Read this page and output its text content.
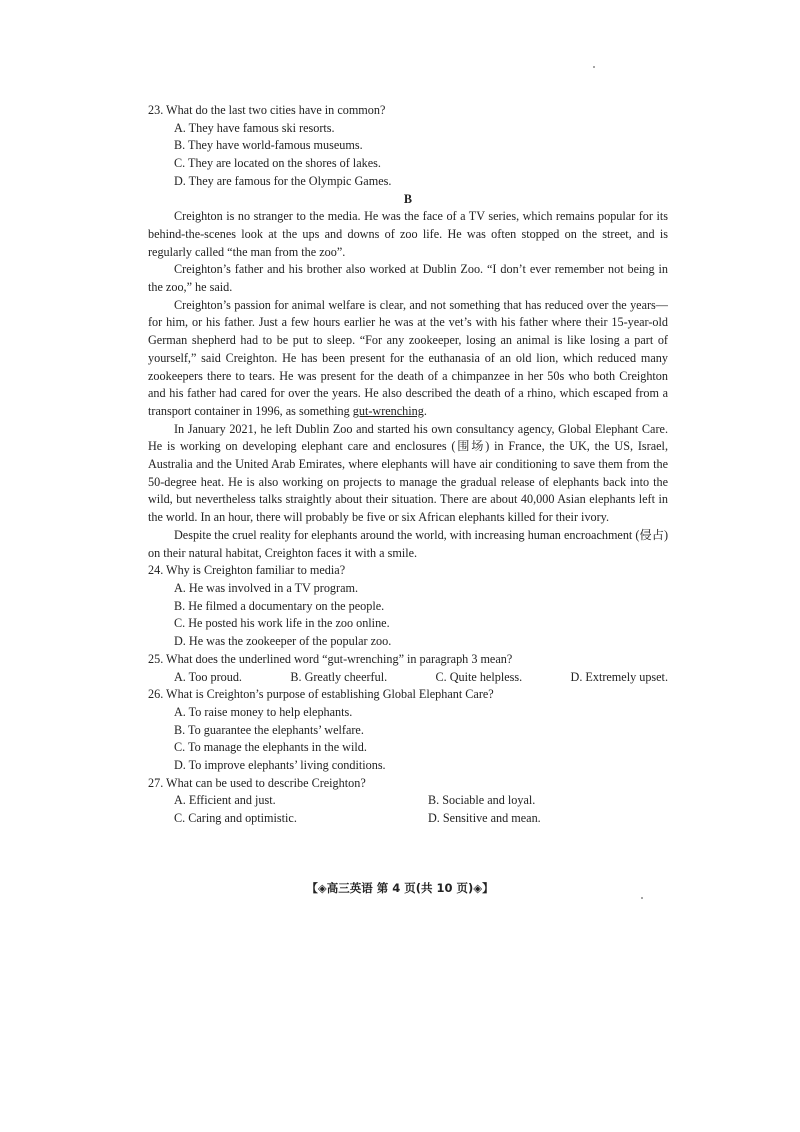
23. What do the last two cities have in common?

A. They have famous ski resorts.

B. They have world-famous museums.

C. They are located on the shores of lakes.

D. They are famous for the Olympic Games.

B

Creighton is no stranger to the media. He was the face of a TV series, which remains popular for its behind-the-scenes look at the ups and downs of zoo life. He was often stopped on the street, and is regularly called “the man from the zoo”.

Creighton’s father and his brother also worked at Dublin Zoo. “I don’t ever remember not being in the zoo,” he said.

Creighton’s passion for animal welfare is clear, and not something that has reduced over the years—for him, or his father. Just a few hours earlier he was at the vet’s with his father where their 15-year-old German shepherd had to be put to sleep. “For any zookeeper, losing an animal is like losing a part of yourself,” said Creighton. He has been present for the euthanasia of an old lion, which reduced many zookeepers there to tears. He was present for the death of a chimpanzee in her 50s who both Creighton and his father had cared for over the years. He also described the death of a rhino, which escaped from a transport container in 1996, as something gut-wrenching.

In January 2021, he left Dublin Zoo and started his own consultancy agency, Global Elephant Care. He is working on developing elephant care and enclosures (围场) in France, the UK, the US, Israel, Australia and the United Arab Emirates, where elephants will have air conditioning to save them from the 50-degree heat. He is also working on projects to manage the gradual release of elephants back into the wild, but nevertheless talks straightly about their situation. There are about 40,000 Asian elephants left in the world. In an hour, there will probably be five or six African elephants killed for their ivory.

Despite the cruel reality for elephants around the world, with increasing human encroachment (侵占) on their natural habitat, Creighton faces it with a smile.

24. Why is Creighton familiar to media?

A. He was involved in a TV program.

B. He filmed a documentary on the people.

C. He posted his work life in the zoo online.

D. He was the zookeeper of the popular zoo.

25. What does the underlined word “gut-wrenching” in paragraph 3 mean?

A. Too proud.	B. Greatly cheerful.	C. Quite helpless.	D. Extremely upset.

26. What is Creighton’s purpose of establishing Global Elephant Care?

A. To raise money to help elephants.

B. To guarantee the elephants’ welfare.

C. To manage the elephants in the wild.

D. To improve elephants’ living conditions.

27. What can be used to describe Creighton?

A. Efficient and just.	B. Sociable and loyal.
C. Caring and optimistic.	D. Sensitive and mean.
【◈高三英语 第 4 页(共 10 页)◈】
